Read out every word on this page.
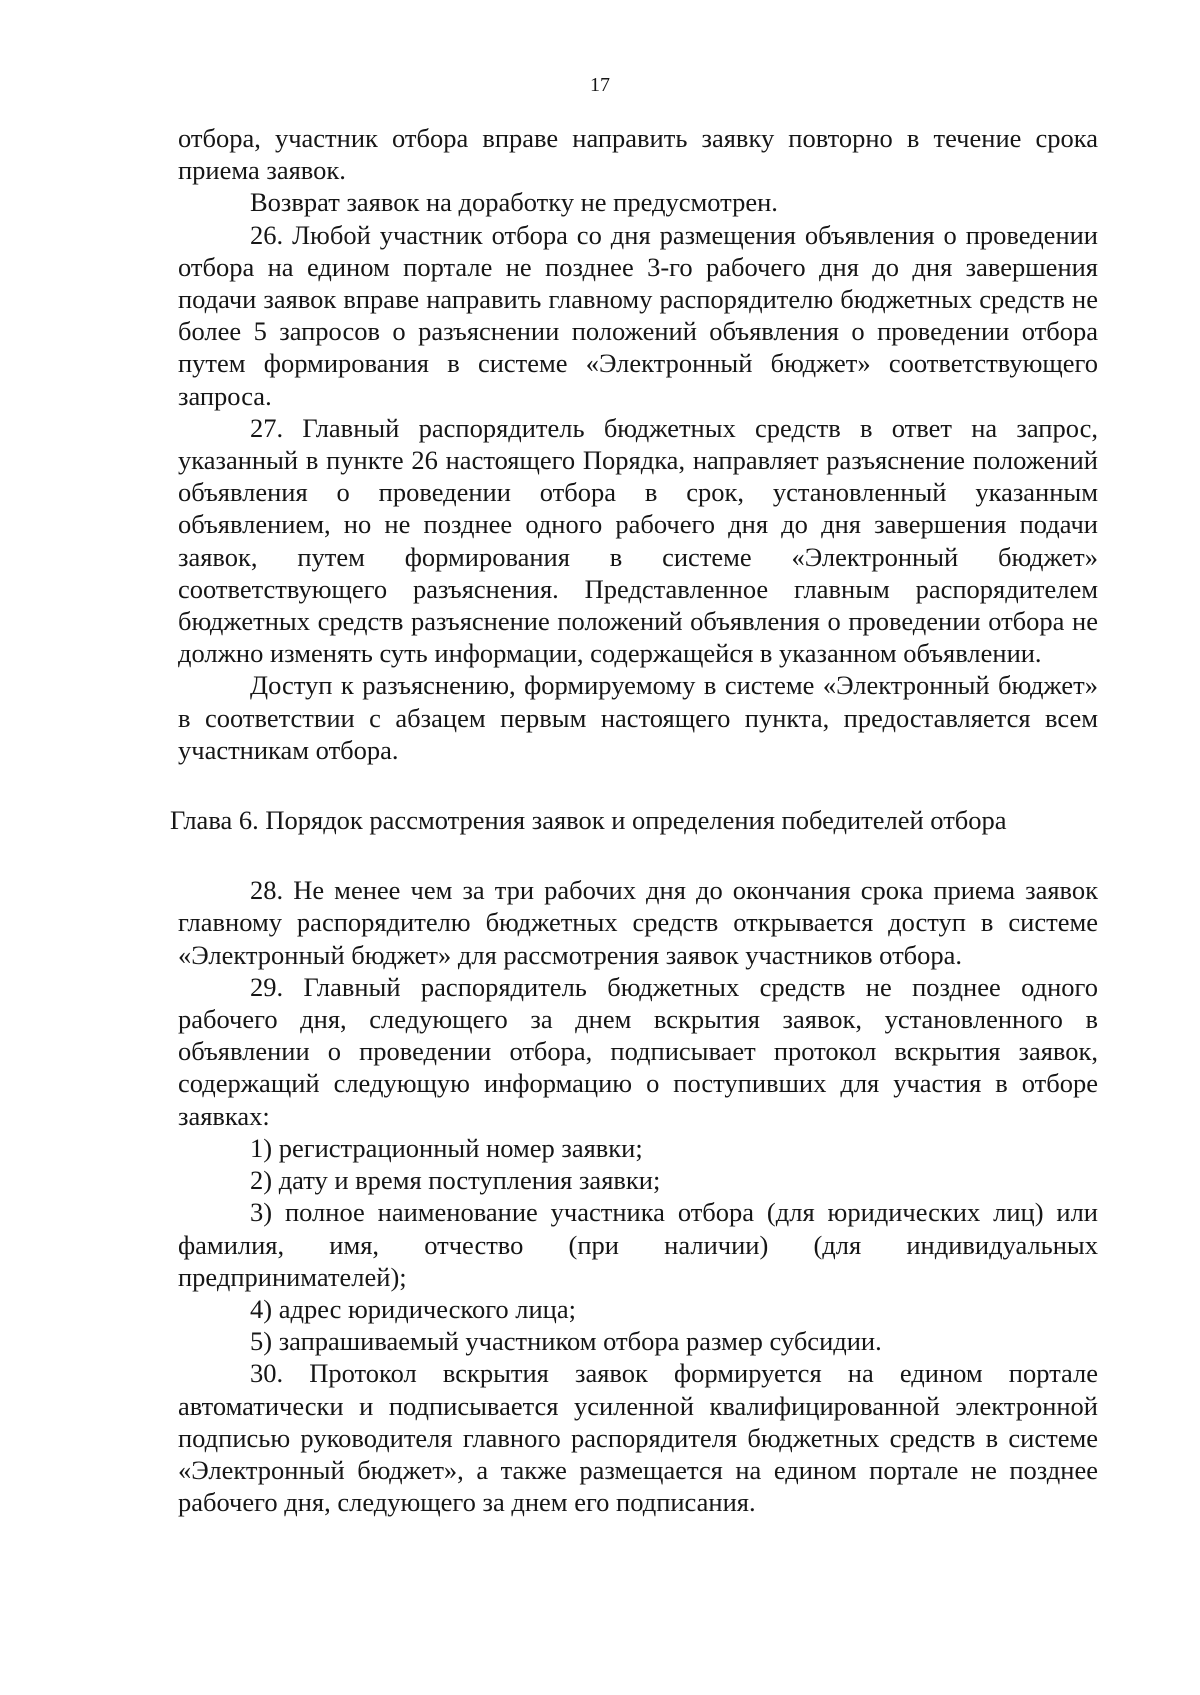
17

отбора, участник отбора вправе направить заявку повторно в течение срока приема заявок.

Возврат заявок на доработку не предусмотрен.

26. Любой участник отбора со дня размещения объявления о проведении отбора на едином портале не позднее 3-го рабочего дня до дня завершения подачи заявок вправе направить главному распорядителю бюджетных средств не более 5 запросов о разъяснении положений объявления о проведении отбора путем формирования в системе «Электронный бюджет» соответствующего запроса.

27. Главный распорядитель бюджетных средств в ответ на запрос, указанный в пункте 26 настоящего Порядка, направляет разъяснение положений объявления о проведении отбора в срок, установленный указанным объявлением, но не позднее одного рабочего дня до дня завершения подачи заявок, путем формирования в системе «Электронный бюджет» соответствующего разъяснения. Представленное главным распорядителем бюджетных средств разъяснение положений объявления о проведении отбора не должно изменять суть информации, содержащейся в указанном объявлении.

Доступ к разъяснению, формируемому в системе «Электронный бюджет» в соответствии с абзацем первым настоящего пункта, предоставляется всем участникам отбора.

Глава 6. Порядок рассмотрения заявок и определения победителей отбора

28. Не менее чем за три рабочих дня до окончания срока приема заявок главному распорядителю бюджетных средств открывается доступ в системе «Электронный бюджет» для рассмотрения заявок участников отбора.

29. Главный распорядитель бюджетных средств не позднее одного рабочего дня, следующего за днем вскрытия заявок, установленного в объявлении о проведении отбора, подписывает протокол вскрытия заявок, содержащий следующую информацию о поступивших для участия в отборе заявках:

1) регистрационный номер заявки;

2) дату и время поступления заявки;

3) полное наименование участника отбора (для юридических лиц) или фамилия, имя, отчество (при наличии) (для индивидуальных предпринимателей);

4) адрес юридического лица;

5) запрашиваемый участником отбора размер субсидии.

30. Протокол вскрытия заявок формируется на едином портале автоматически и подписывается усиленной квалифицированной электронной подписью руководителя главного распорядителя бюджетных средств в системе «Электронный бюджет», а также размещается на едином портале не позднее рабочего дня, следующего за днем его подписания.
